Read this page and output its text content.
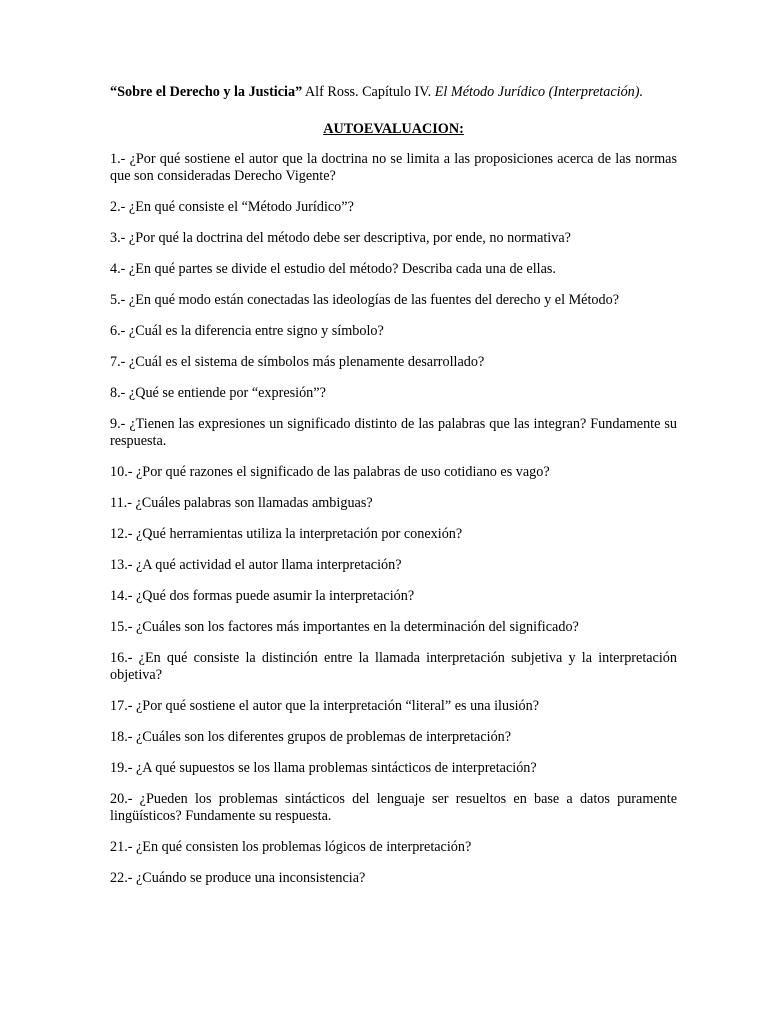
“Sobre el Derecho y la Justicia” Alf Ross. Capítulo IV. El Método Jurídico (Interpretación).

AUTOEVALUACION:

1.- ¿Por qué sostiene el autor que la doctrina no se limita a las proposiciones acerca de las normas que son consideradas Derecho Vigente?

2.- ¿En qué consiste el “Método Jurídico”?

3.- ¿Por qué la doctrina del método debe ser descriptiva, por ende, no normativa?

4.- ¿En qué partes se divide el estudio del método? Describa cada una de ellas.

5.- ¿En qué modo están conectadas las ideologías de las fuentes del derecho y el Método?

6.- ¿Cuál es la diferencia entre signo y símbolo?

7.- ¿Cuál es el sistema de símbolos más plenamente desarrollado?

8.- ¿Qué se entiende por “expresión”?

9.- ¿Tienen las expresiones un significado distinto de las palabras que las integran? Fundamente su respuesta.

10.- ¿Por qué razones el significado de las palabras de uso cotidiano es vago?

11.- ¿Cuáles palabras son llamadas ambiguas?

12.- ¿Qué herramientas utiliza la interpretación por conexión?

13.- ¿A qué actividad el autor llama interpretación?

14.- ¿Qué dos formas puede asumir la interpretación?

15.- ¿Cuáles son los factores más importantes en la determinación del significado?

16.- ¿En qué consiste la distinción entre la llamada interpretación subjetiva y la interpretación objetiva?

17.- ¿Por qué sostiene el autor que la interpretación “literal” es una ilusión?

18.- ¿Cuáles son los diferentes grupos de problemas de interpretación?

19.- ¿A qué supuestos se los llama problemas sintácticos de interpretación?

20.- ¿Pueden los problemas sintácticos del lenguaje ser resueltos en base a datos puramente lingüísticos? Fundamente su respuesta.

21.- ¿En qué consisten los problemas lógicos de interpretación?

22.- ¿Cuándo se produce una inconsistencia?
